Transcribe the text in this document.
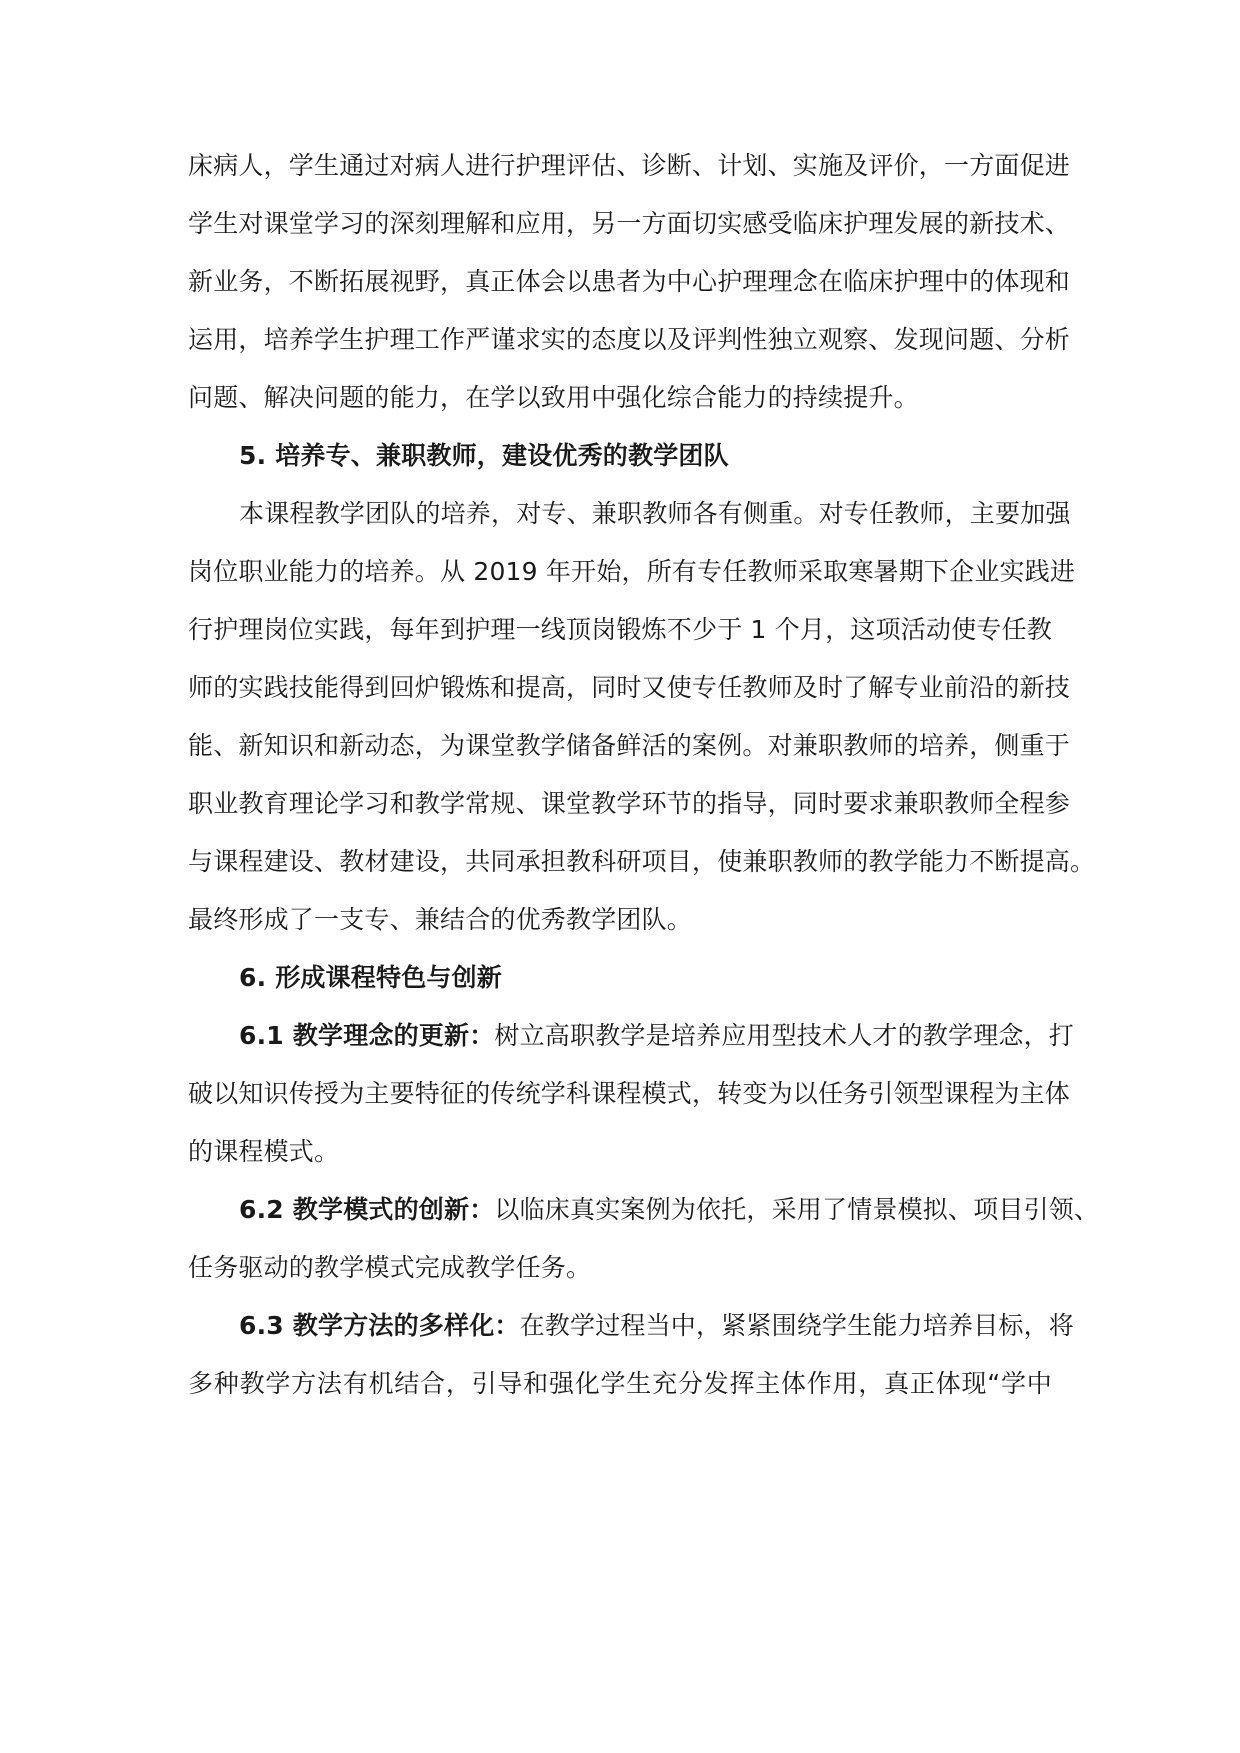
床病人，学生通过对病人进行护理评估、诊断、计划、实施及评价，一方面促进
学生对课堂学习的深刻理解和应用，另一方面切实感受临床护理发展的新技术、
新业务，不断拓展视野，真正体会以患者为中心护理理念在临床护理中的体现和
运用，培养学生护理工作严谨求实的态度以及评判性独立观察、发现问题、分析
问题、解决问题的能力，在学以致用中强化综合能力的持续提升。
5. 培养专、兼职教师，建设优秀的教学团队
本课程教学团队的培养，对专、兼职教师各有侧重。对专任教师，主要加强
岗位职业能力的培养。从 2019 年开始，所有专任教师采取寒暑期下企业实践进
行护理岗位实践，每年到护理一线顶岗锻炼不少于 1 个月，这项活动使专任教
师的实践技能得到回炉锻炼和提高，同时又使专任教师及时了解专业前沿的新技
能、新知识和新动态，为课堂教学储备鲜活的案例。对兼职教师的培养，侧重于
职业教育理论学习和教学常规、课堂教学环节的指导，同时要求兼职教师全程参
与课程建设、教材建设，共同承担教科研项目，使兼职教师的教学能力不断提高。
最终形成了一支专、兼结合的优秀教学团队。
6. 形成课程特色与创新
6.1 教学理念的更新：树立高职教学是培养应用型技术人才的教学理念，打
破以知识传授为主要特征的传统学科课程模式，转变为以任务引领型课程为主体
的课程模式。
6.2 教学模式的创新：以临床真实案例为依托，采用了情景模拟、项目引领、
任务驱动的教学模式完成教学任务。
6.3 教学方法的多样化：在教学过程当中，紧紧围绕学生能力培养目标，将
多种教学方法有机结合，引导和强化学生充分发挥主体作用，真正体现“学中
